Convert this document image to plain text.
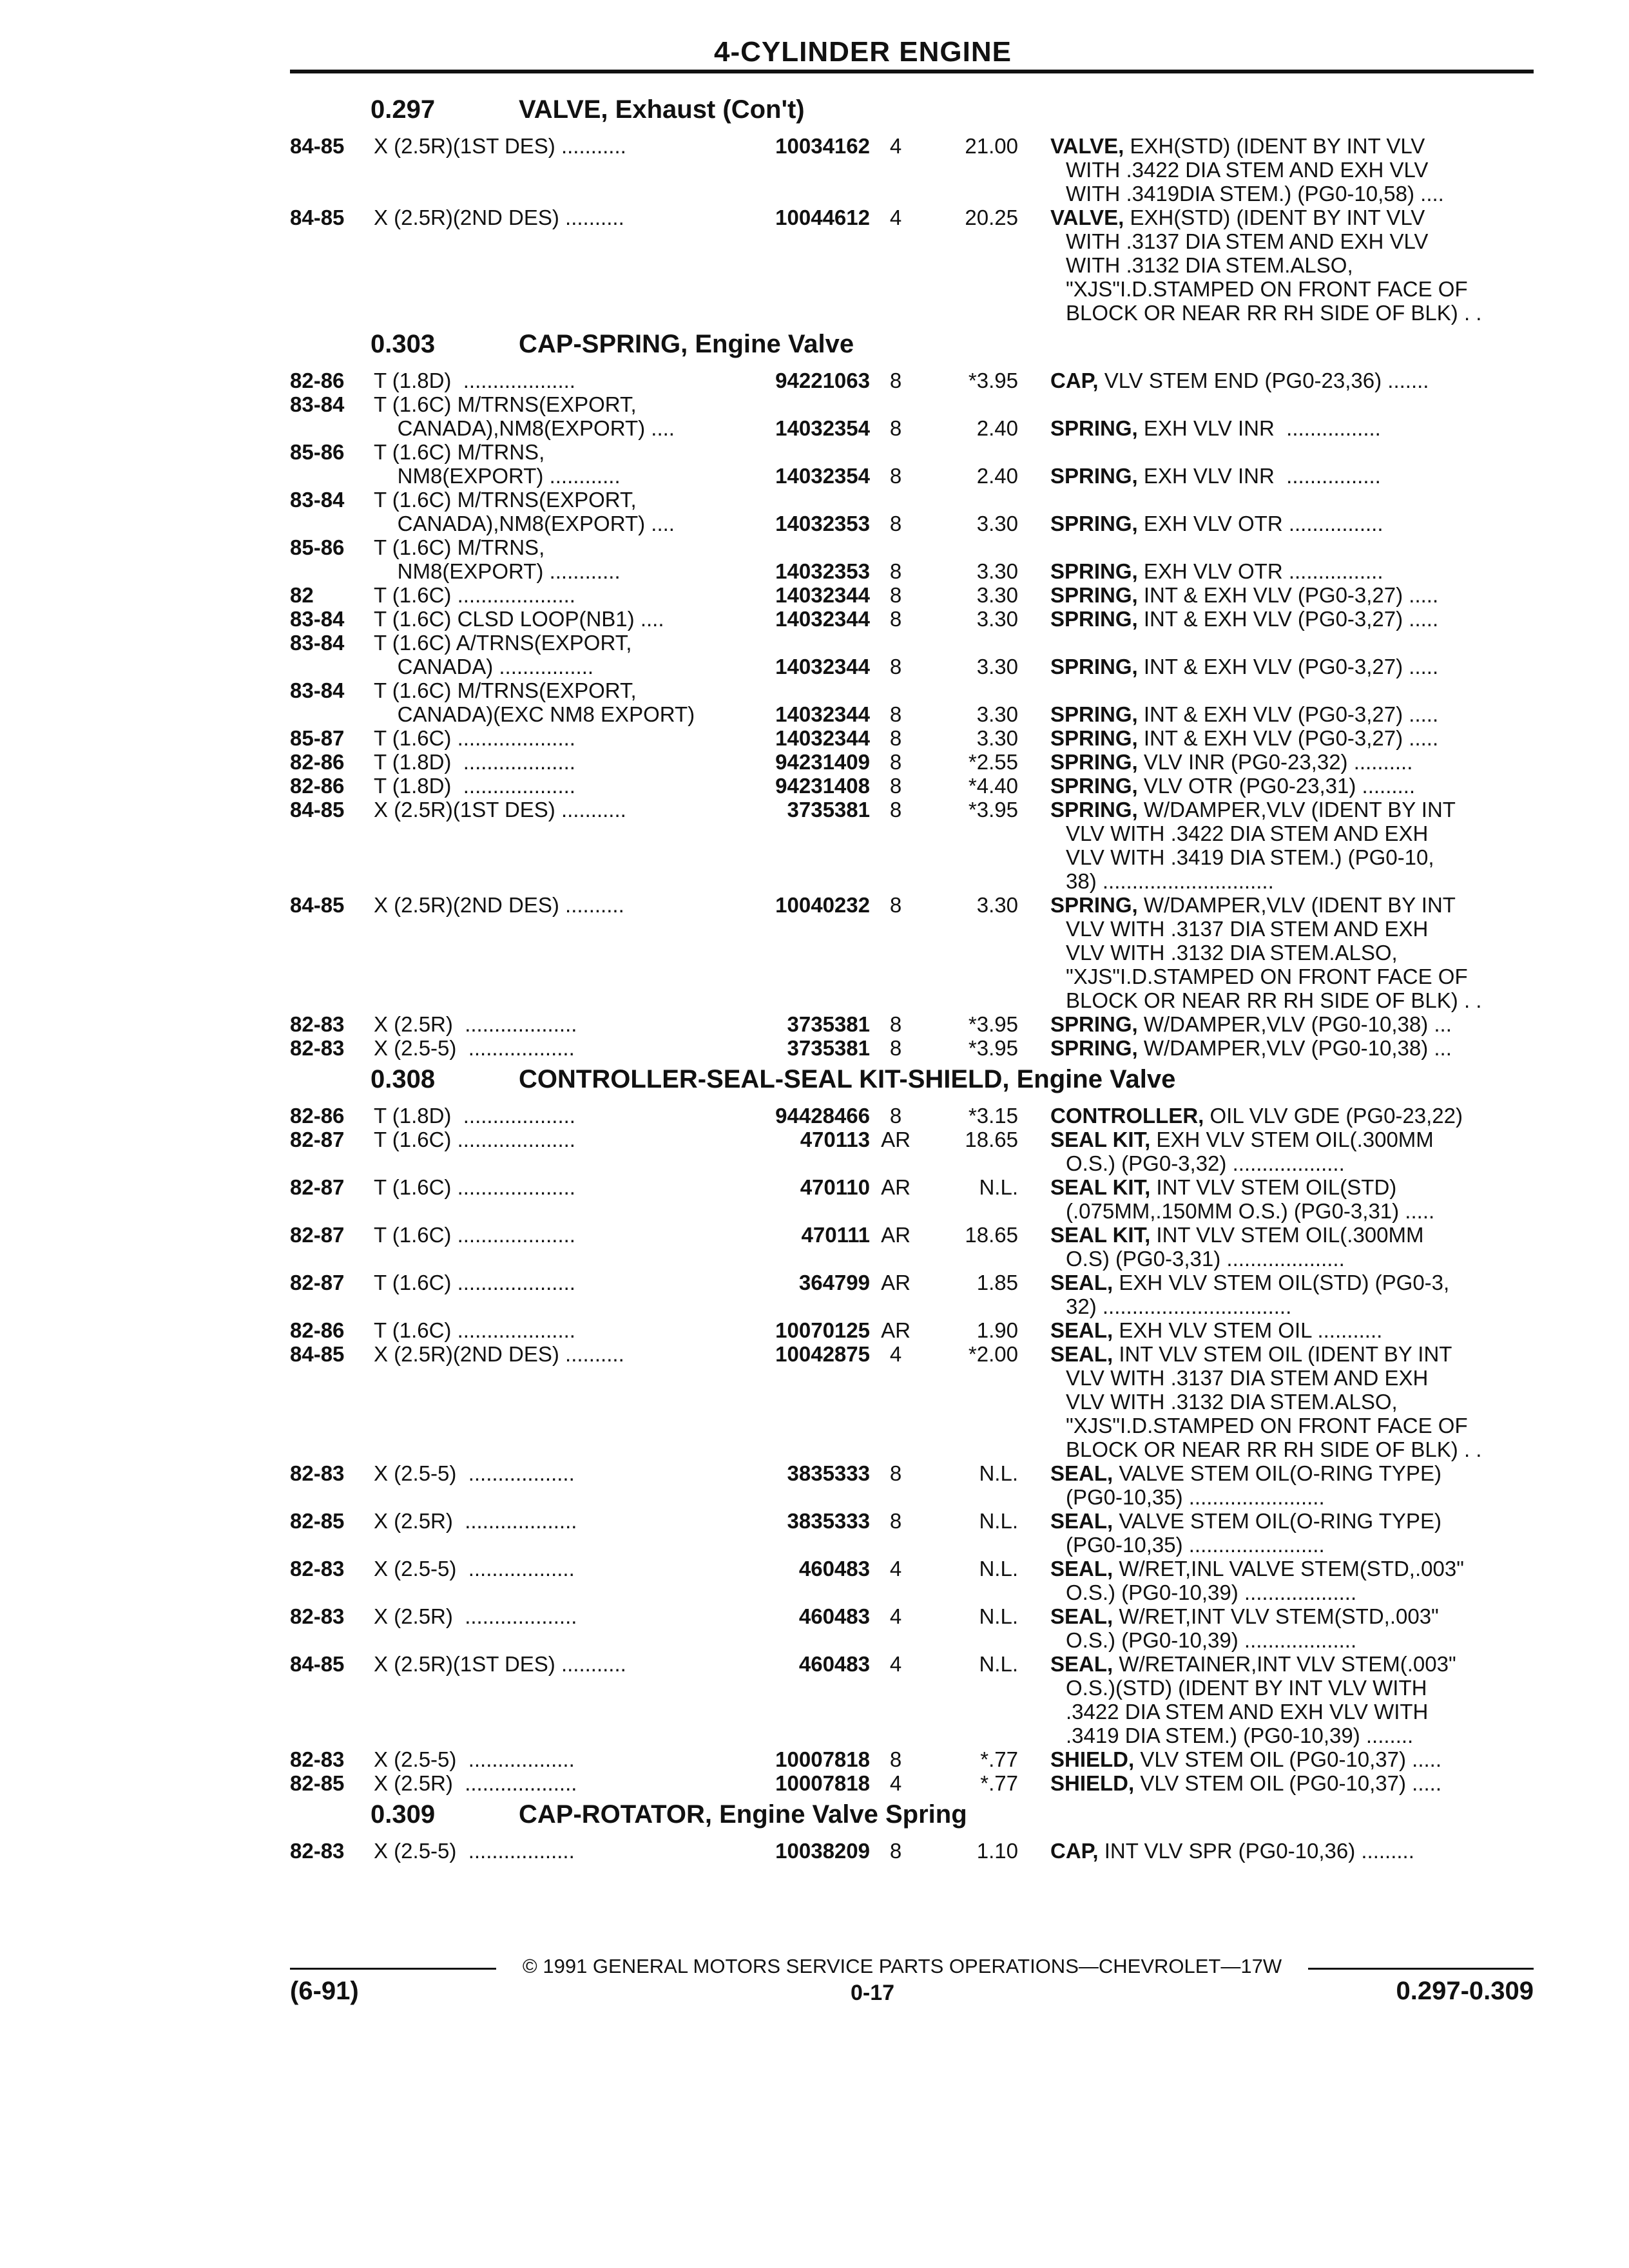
4-CYLINDER ENGINE
0.297	VALVE, Exhaust (Con't)
84-85	X (2.5R)(1ST DES) ...........	10034162 4	21.00	VALVE, EXH(STD) (IDENT BY INT VLV
WITH .3422 DIA STEM AND EXH VLV
WITH .3419DIA STEM.) (PG0-10,58) ....
84-85	X (2.5R)(2ND DES) ..........	10044612 4	20.25	VALVE, EXH(STD) (IDENT BY INT VLV
WITH .3137 DIA STEM AND EXH VLV
WITH .3132 DIA STEM.ALSO,
"XJS"I.D.STAMPED ON FRONT FACE OF
BLOCK OR NEAR RR RH SIDE OF BLK) . .
0.303	CAP-SPRING, Engine Valve
82-86	T (1.8D)  ...................	94221063 8	*3.95	CAP, VLV STEM END (PG0-23,36) .......
83-84	T (1.6C) M/TRNS(EXPORT,
CANADA),NM8(EXPORT) ....	14032354 8	2.40	SPRING, EXH VLV INR  ................
85-86	T (1.6C) M/TRNS,
NM8(EXPORT) ............	14032354 8	2.40	SPRING, EXH VLV INR  ................
83-84	T (1.6C) M/TRNS(EXPORT,
CANADA),NM8(EXPORT) ....	14032353 8	3.30	SPRING, EXH VLV OTR ................
85-86	T (1.6C) M/TRNS,
NM8(EXPORT) ............	14032353 8	3.30	SPRING, EXH VLV OTR ................
82	T (1.6C) ....................	14032344 8	3.30	SPRING, INT & EXH VLV (PG0-3,27) .....
83-84	T (1.6C) CLSD LOOP(NB1) ....	14032344 8	3.30	SPRING, INT & EXH VLV (PG0-3,27) .....
83-84	T (1.6C) A/TRNS(EXPORT,
CANADA) ................	14032344 8	3.30	SPRING, INT & EXH VLV (PG0-3,27) .....
83-84	T (1.6C) M/TRNS(EXPORT,
CANADA)(EXC NM8 EXPORT)	14032344 8	3.30	SPRING, INT & EXH VLV (PG0-3,27) .....
85-87	T (1.6C) ....................	14032344 8	3.30	SPRING, INT & EXH VLV (PG0-3,27) .....
82-86	T (1.8D)  ...................	94231409 8	*2.55	SPRING, VLV INR (PG0-23,32) ..........
82-86	T (1.8D)  ...................	94231408 8	*4.40	SPRING, VLV OTR (PG0-23,31) .........
84-85	X (2.5R)(1ST DES) ...........	3735381 8	*3.95	SPRING, W/DAMPER,VLV (IDENT BY INT
VLV WITH .3422 DIA STEM AND EXH
VLV WITH .3419 DIA STEM.) (PG0-10,
38) .............................
84-85	X (2.5R)(2ND DES) ..........	10040232 8	3.30	SPRING, W/DAMPER,VLV (IDENT BY INT
VLV WITH .3137 DIA STEM AND EXH
VLV WITH .3132 DIA STEM.ALSO,
"XJS"I.D.STAMPED ON FRONT FACE OF
BLOCK OR NEAR RR RH SIDE OF BLK) . .
82-83	X (2.5R)  ...................	3735381 8	*3.95	SPRING, W/DAMPER,VLV (PG0-10,38) ...
82-83	X (2.5-5)  ..................	3735381 8	*3.95	SPRING, W/DAMPER,VLV (PG0-10,38) ...
0.308	CONTROLLER-SEAL-SEAL KIT-SHIELD, Engine Valve
82-86	T (1.8D)  ...................	94428466 8	*3.15	CONTROLLER, OIL VLV GDE (PG0-23,22)
82-87	T (1.6C) ....................	470113 AR	18.65	SEAL KIT, EXH VLV STEM OIL(.300MM
O.S.) (PG0-3,32) ...................
82-87	T (1.6C) ....................	470110 AR	N.L.	SEAL KIT, INT VLV STEM OIL(STD)
(.075MM,.150MM O.S.) (PG0-3,31) .....
82-87	T (1.6C) ....................	470111 AR	18.65	SEAL KIT, INT VLV STEM OIL(.300MM
O.S) (PG0-3,31) ....................
82-87	T (1.6C) ....................	364799 AR	1.85	SEAL, EXH VLV STEM OIL(STD) (PG0-3,
32) ................................
82-86	T (1.6C) ....................	10070125 AR	1.90	SEAL, EXH VLV STEM OIL ...........
84-85	X (2.5R)(2ND DES) ..........	10042875 4	*2.00	SEAL, INT VLV STEM OIL (IDENT BY INT
VLV WITH .3137 DIA STEM AND EXH
VLV WITH .3132 DIA STEM.ALSO,
"XJS"I.D.STAMPED ON FRONT FACE OF
BLOCK OR NEAR RR RH SIDE OF BLK) . .
82-83	X (2.5-5)  ..................	3835333 8	N.L.	SEAL, VALVE STEM OIL(O-RING TYPE)
(PG0-10,35) .......................
82-85	X (2.5R)  ...................	3835333 8	N.L.	SEAL, VALVE STEM OIL(O-RING TYPE)
(PG0-10,35) .......................
82-83	X (2.5-5)  ..................	460483 4	N.L.	SEAL, W/RET,INL VALVE STEM(STD,.003"
O.S.) (PG0-10,39) ...................
82-83	X (2.5R)  ...................	460483 4	N.L.	SEAL, W/RET,INT VLV STEM(STD,.003"
O.S.) (PG0-10,39) ...................
84-85	X (2.5R)(1ST DES) ...........	460483 4	N.L.	SEAL, W/RETAINER,INT VLV STEM(.003"
O.S.)(STD) (IDENT BY INT VLV WITH
.3422 DIA STEM AND EXH VLV WITH
.3419 DIA STEM.) (PG0-10,39) ........
82-83	X (2.5-5)  ..................	10007818 8	*.77	SHIELD, VLV STEM OIL (PG0-10,37) .....
82-85	X (2.5R)  ...................	10007818 4	*.77	SHIELD, VLV STEM OIL (PG0-10,37) .....
0.309	CAP-ROTATOR, Engine Valve Spring
82-83	X (2.5-5)  ..................	10038209 8	1.10	CAP, INT VLV SPR (PG0-10,36) .........
© 1991 GENERAL MOTORS SERVICE PARTS OPERATIONS—CHEVROLET—17W
(6-91)	0-17	0.297-0.309
